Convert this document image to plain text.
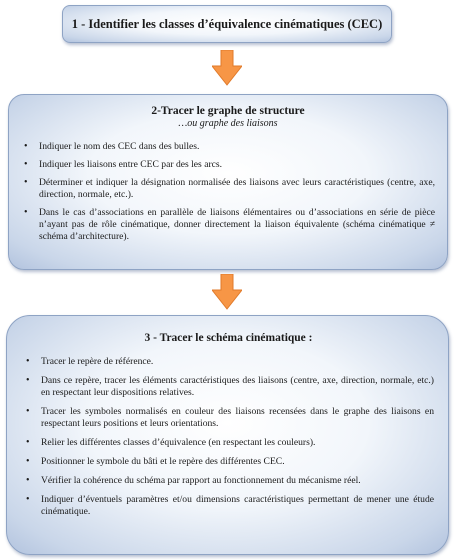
1 - Identifier les classes d’équivalence cinématiques (CEC)
2-Tracer le graphe de structure
…ou graphe des liaisons
• Indiquer le nom des CEC dans des bulles.
• Indiquer les liaisons entre CEC par des les arcs.
• Déterminer et indiquer la désignation normalisée des liaisons avec leurs caractéristiques (centre, axe, direction, normale, etc.).
• Dans le cas d’associations en parallèle de liaisons élémentaires ou d’associations en série de pièce n’ayant pas de rôle cinématique, donner directement la liaison équivalente (schéma cinématique ≠ schéma d’architecture).
3 - Tracer le schéma cinématique :
• Tracer le repère de référence.
• Dans ce repère, tracer les éléments caractéristiques des liaisons (centre, axe, direction, normale, etc.) en respectant leur dispositions relatives.
• Tracer les symboles normalisés en couleur des liaisons recensées dans le graphe des liaisons en respectant leurs positions et leurs orientations.
• Relier les différentes classes d’équivalence (en respectant les couleurs).
• Positionner le symbole du bâti et le repère des différentes CEC.
• Vérifier la cohérence du schéma par rapport au fonctionnement du mécanisme réel.
• Indiquer d’éventuels paramètres et/ou dimensions caractéristiques permettant de mener une étude cinématique.
